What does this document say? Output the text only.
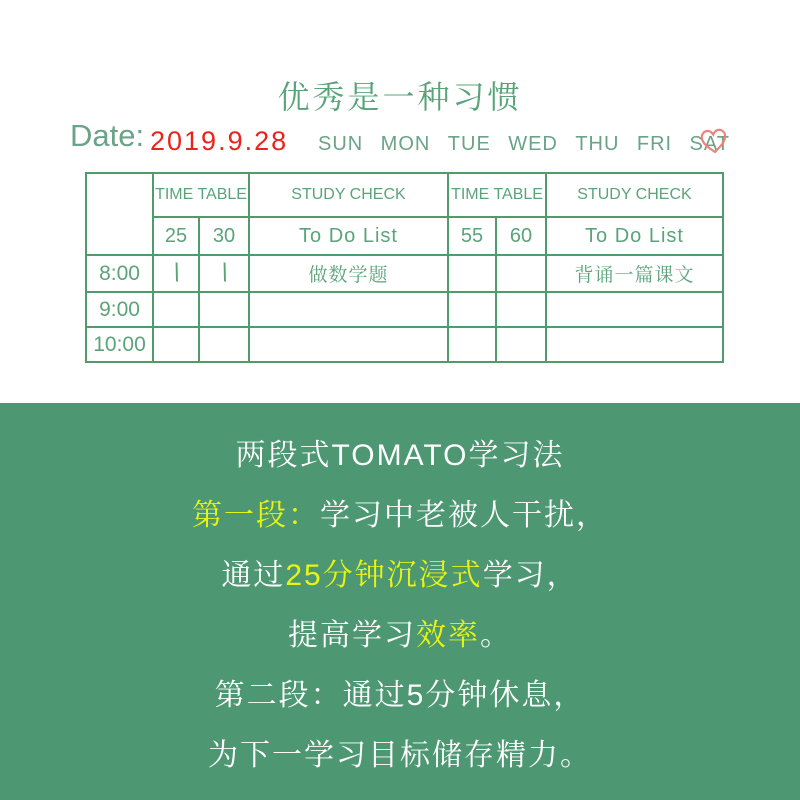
优秀是一种习惯
Date: 2019.9.28 SUN MON TUE WED THU FRI SAT
	TIME TABLE		STUDY CHECK	TIME TABLE		STUDY CHECK
	25	30	To Do List	55	60	To Do List
8:00	\	\	做数学题			背诵一篇课文
9:00						
10:00						
两段式TOMATO学习法
第一段： 学习中老被人干扰，
通过 25分钟沉浸式 学习，
提高学习 效率 。
第二段：通过5分钟休息，
为下一学习目标储存精力。
